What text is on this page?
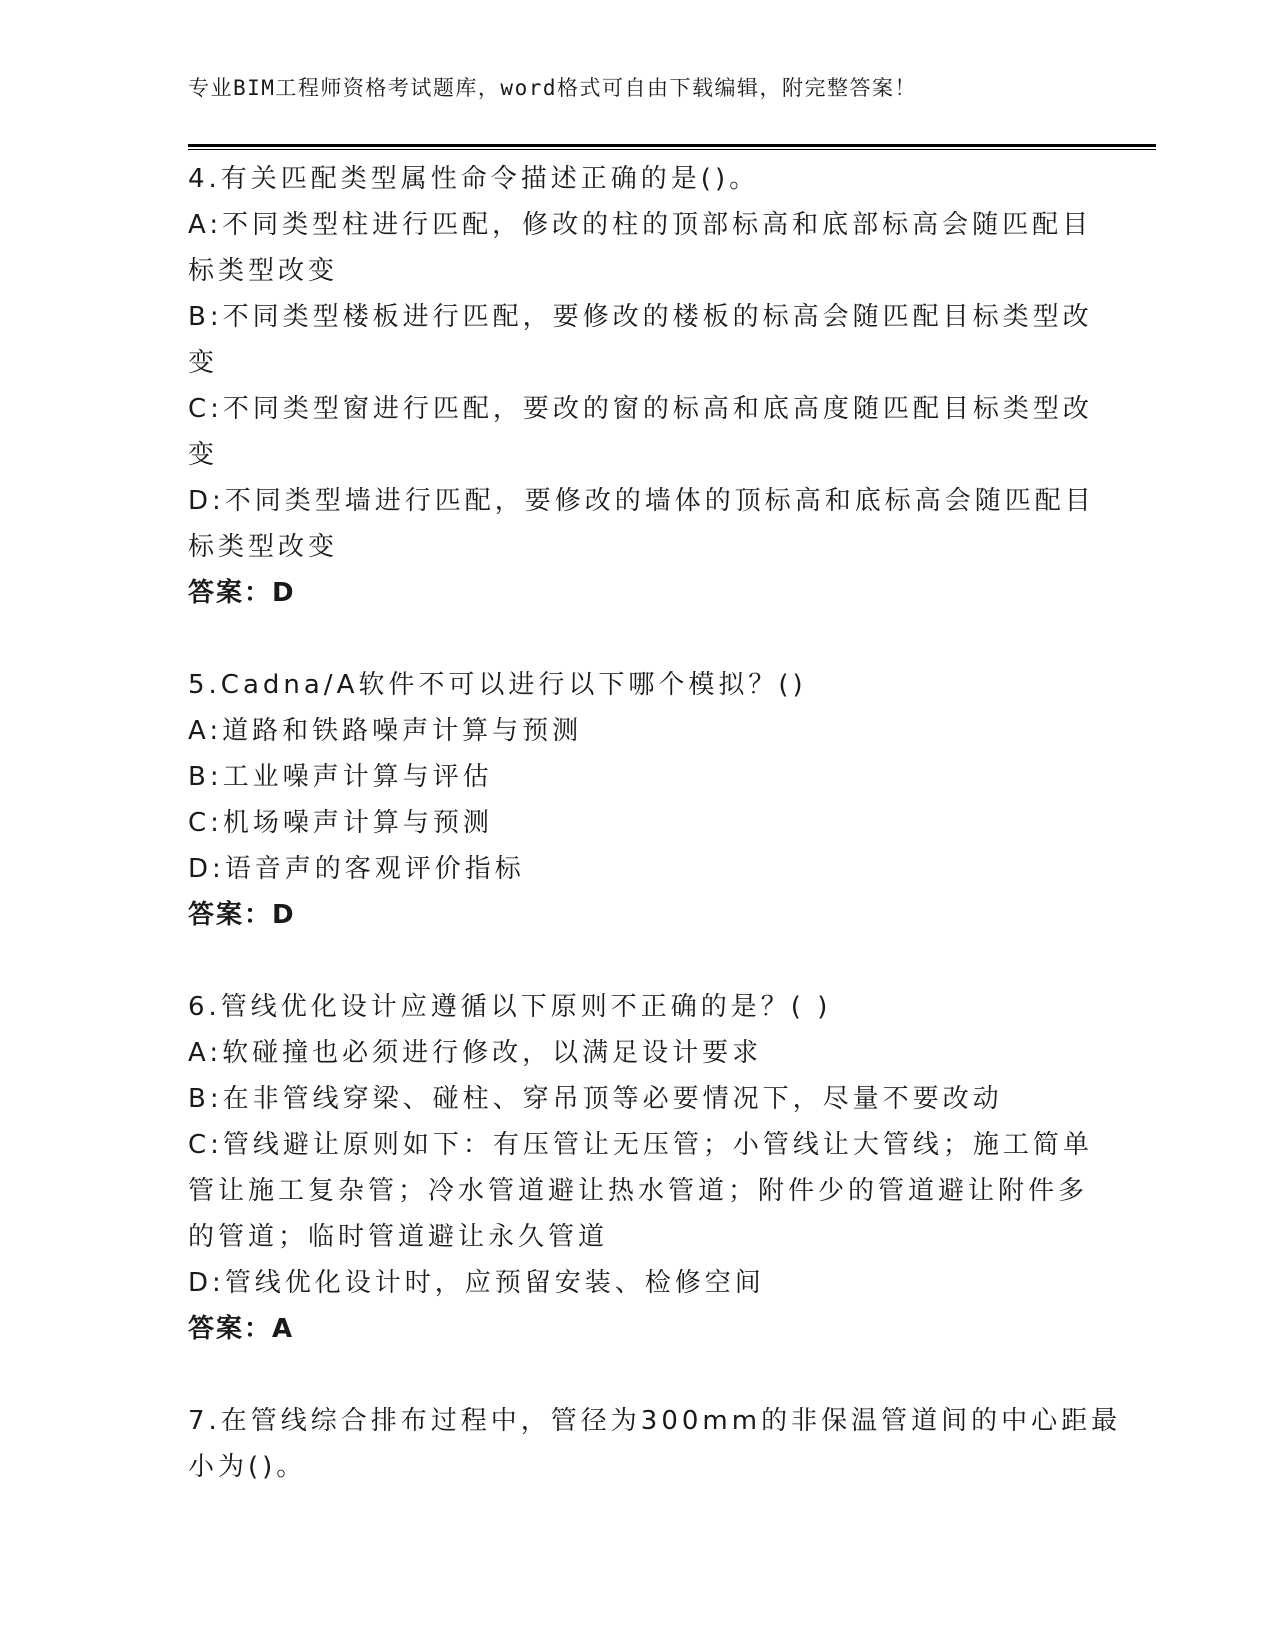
专业BIM工程师资格考试题库，word格式可自由下载编辑，附完整答案！
4.有关匹配类型属性命令描述正确的是()。
A:不同类型柱进行匹配，修改的柱的顶部标高和底部标高会随匹配目
标类型改变
B:不同类型楼板进行匹配，要修改的楼板的标高会随匹配目标类型改
变
C:不同类型窗进行匹配，要改的窗的标高和底高度随匹配目标类型改
变
D:不同类型墙进行匹配，要修改的墙体的顶标高和底标高会随匹配目
标类型改变
答案：D
5.Cadna/A软件不可以进行以下哪个模拟？()
A:道路和铁路噪声计算与预测
B:工业噪声计算与评估
C:机场噪声计算与预测
D:语音声的客观评价指标
答案：D
6.管线优化设计应遵循以下原则不正确的是？( )
A:软碰撞也必须进行修改，以满足设计要求
B:在非管线穿梁、碰柱、穿吊顶等必要情况下，尽量不要改动
C:管线避让原则如下：有压管让无压管；小管线让大管线；施工简单
管让施工复杂管；冷水管道避让热水管道；附件少的管道避让附件多
的管道；临时管道避让永久管道
D:管线优化设计时，应预留安装、检修空间
答案：A
7.在管线综合排布过程中，管径为300mm的非保温管道间的中心距最
小为()。
